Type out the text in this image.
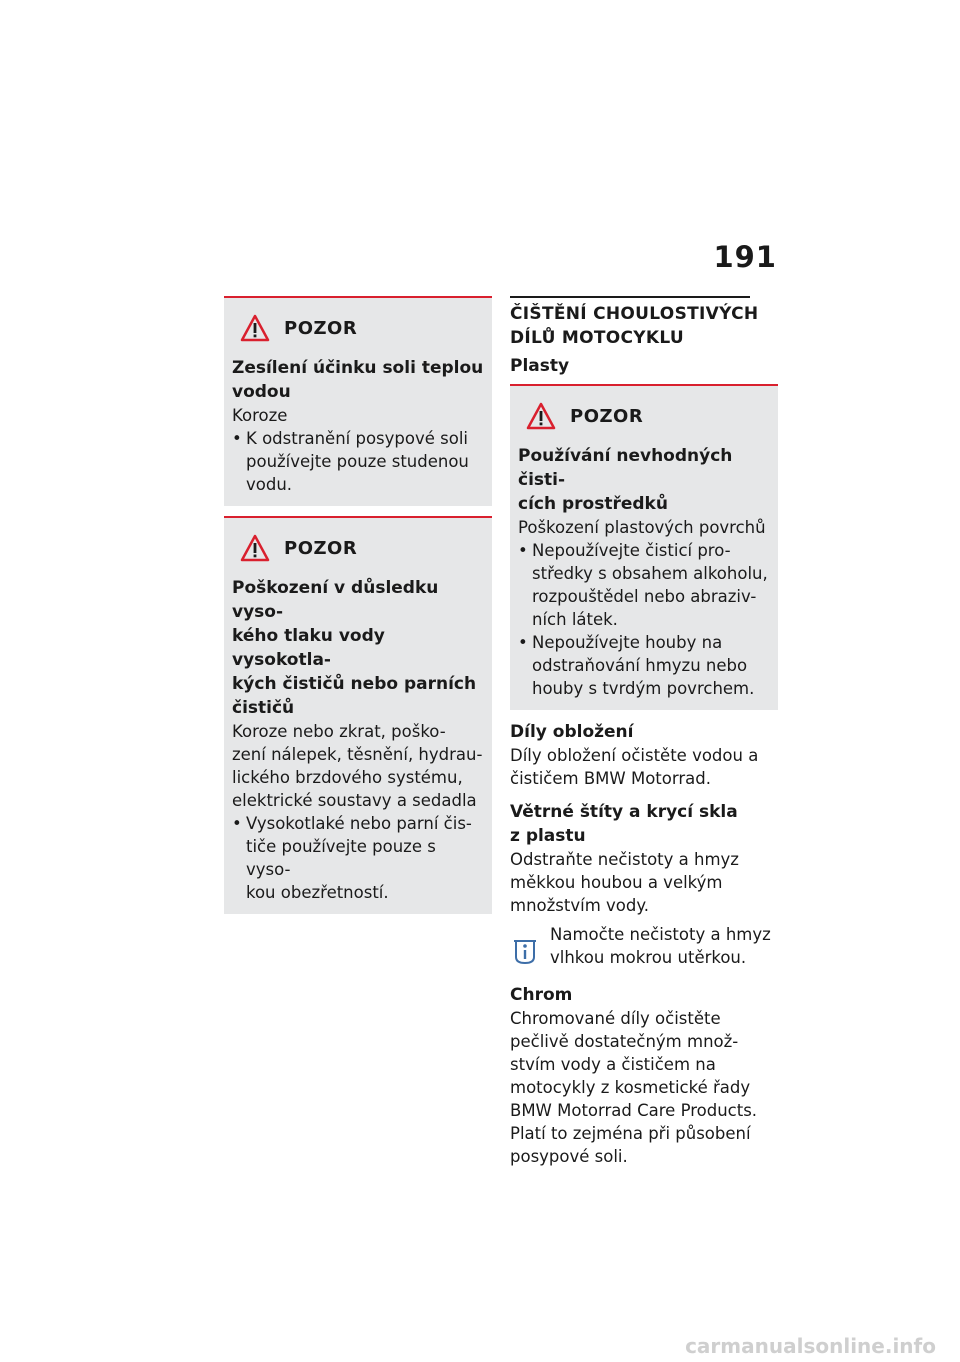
191
POZOR
Zesílení účinku soli teplou
vodou
Koroze
• K odstranění posypové soli
používejte pouze studenou
vodu.
POZOR
Poškození v důsledku vyso-
kého tlaku vody vysokotla-
kých čističů nebo parních
čističů
Koroze nebo zkrat, poško-
zení nálepek, těsnění, hydrau-
lického brzdového systému,
elektrické soustavy a sedadla
• Vysokotlaké nebo parní čis-
tiče používejte pouze s vyso-
kou obezřetností.
ČIŠTĚNÍ CHOULOSTIVÝCH
DÍLŮ MOTOCYKLU
Plasty
POZOR
Používání nevhodných čisti-
cích prostředků
Poškození plastových povrchů
• Nepoužívejte čisticí pro-
středky s obsahem alkoholu,
rozpouštědel nebo abraziv-
ních látek.
• Nepoužívejte houby na
odstraňování hmyzu nebo
houby s tvrdým povrchem.
Díly obložení
Díly obložení očistěte vodou a
čističem BMW Motorrad.
Větrné štíty a krycí skla
z plastu
Odstraňte nečistoty a hmyz
měkkou houbou a velkým
množstvím vody.
Namočte nečistoty a hmyz
vlhkou mokrou utěrkou.
Chrom
Chromované díly očistěte
pečlivě dostatečným množ-
stvím vody a čističem na
motocykly z kosmetické řady
BMW Motorrad Care Products.
Platí to zejména při působení
posypové soli.
carmanualsonline.info
